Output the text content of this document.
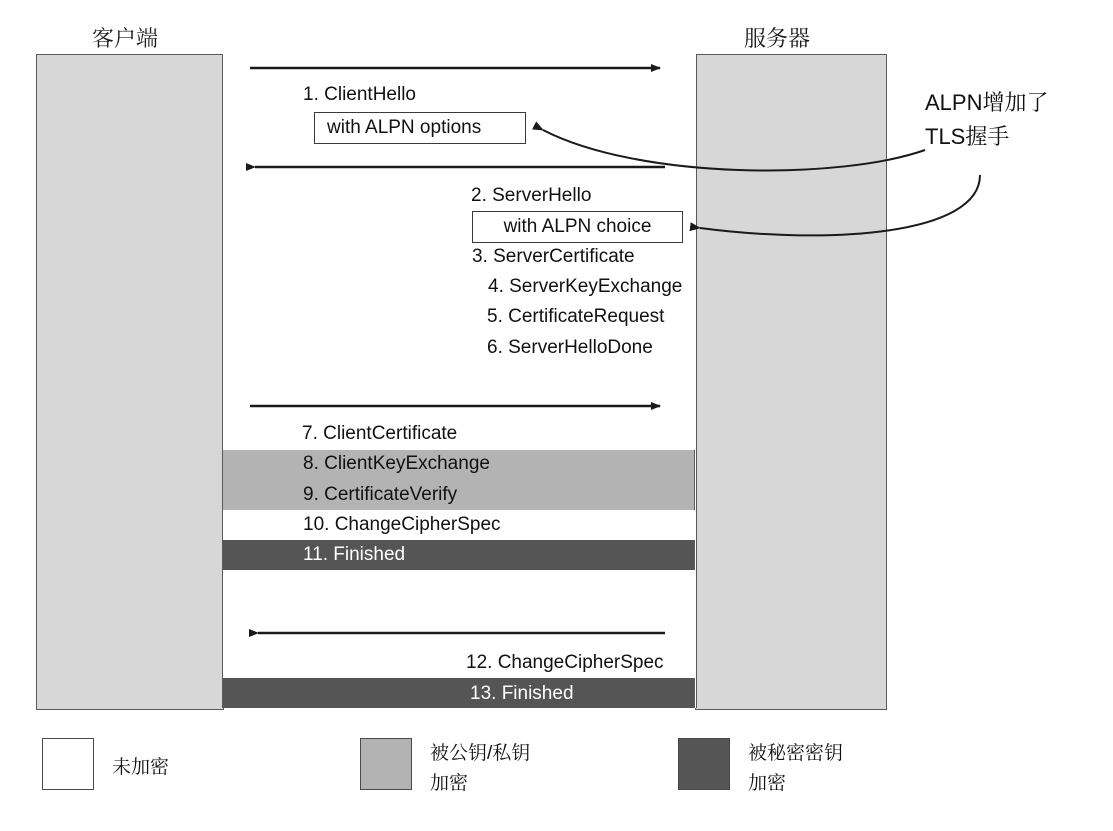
客户端	服务器
1. ClientHello
with ALPN options
2. ServerHello
with ALPN choice
3. ServerCertificate
4. ServerKeyExchange
5. CertificateRequest
6. ServerHelloDone
7. ClientCertificate
8. ClientKeyExchange
9. CertificateVerify
10. ChangeCipherSpec
11. Finished
12. ChangeCipherSpec
13. Finished
ALPN增加了
TLS握手
未加密
被公钥/私钥
加密
被秘密密钥
加密
